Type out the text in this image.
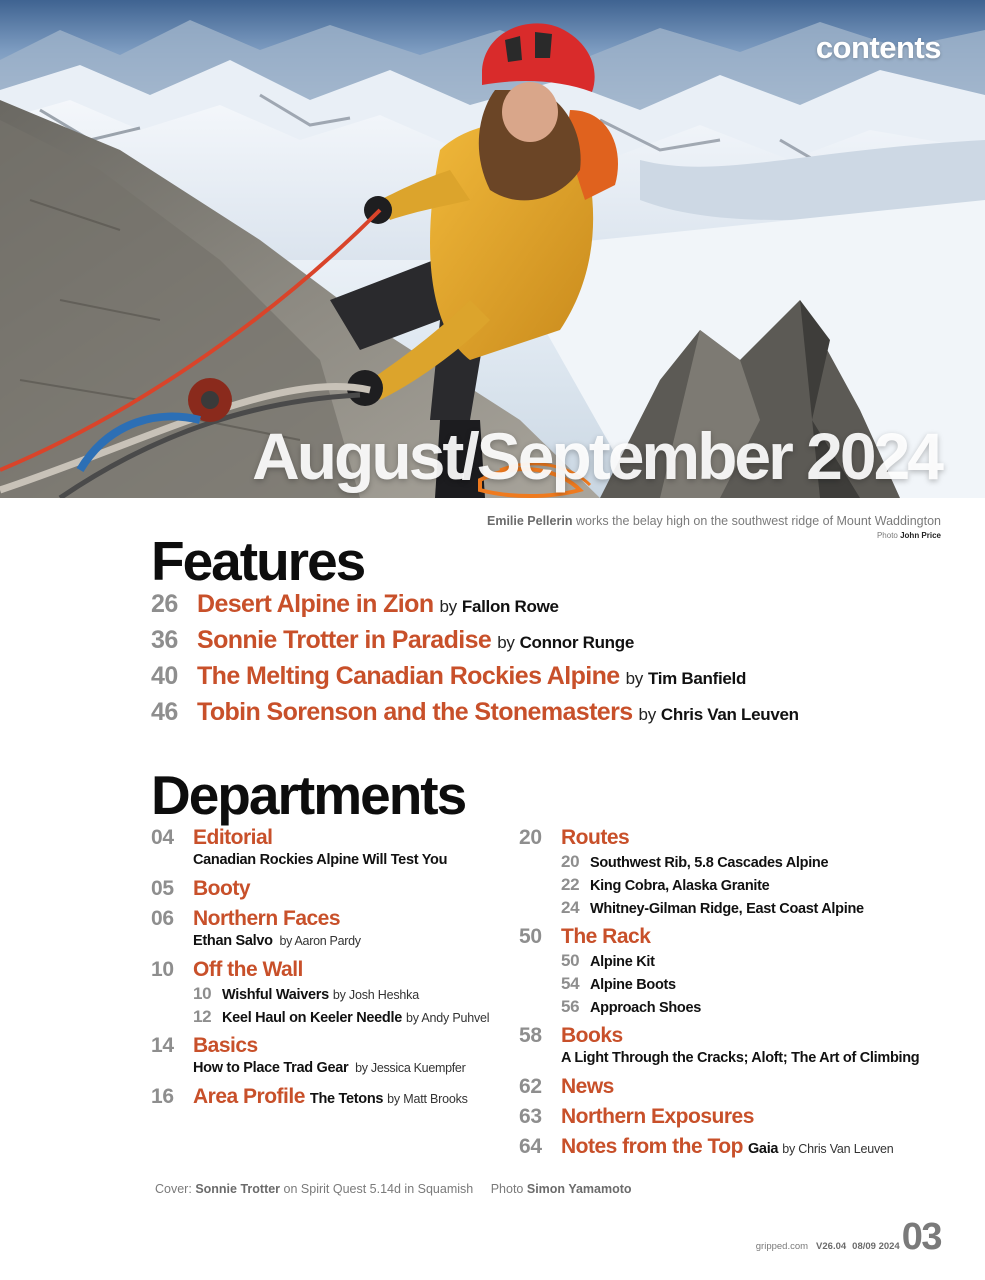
contents
August/September 2024
Emilie Pellerin works the belay high on the southwest ridge of Mount Waddington
Photo John Price
Features
26 Desert Alpine in Zion by Fallon Rowe
36 Sonnie Trotter in Paradise by Connor Runge
40 The Melting Canadian Rockies Alpine by Tim Banfield
46 Tobin Sorenson and the Stonemasters by Chris Van Leuven
Departments
04 Editorial
Canadian Rockies Alpine Will Test You
05 Booty
06 Northern Faces
Ethan Salvo by Aaron Pardy
10 Off the Wall
10 Wishful Waivers by Josh Heshka
12 Keel Haul on Keeler Needle by Andy Puhvel
14 Basics
How to Place Trad Gear by Jessica Kuempfer
16 Area Profile The Tetons by Matt Brooks
20 Routes
20 Southwest Rib, 5.8 Cascades Alpine
22 King Cobra, Alaska Granite
24 Whitney-Gilman Ridge, East Coast Alpine
50 The Rack
50 Alpine Kit
54 Alpine Boots
56 Approach Shoes
58 Books
A Light Through the Cracks; Aloft; The Art of Climbing
62 News
63 Northern Exposures
64 Notes from the Top Gaia by Chris Van Leuven
Cover: Sonnie Trotter on Spirit Quest 5.14d in Squamish Photo Simon Yamamoto
gripped.com V26.04 08/09 2024 03
